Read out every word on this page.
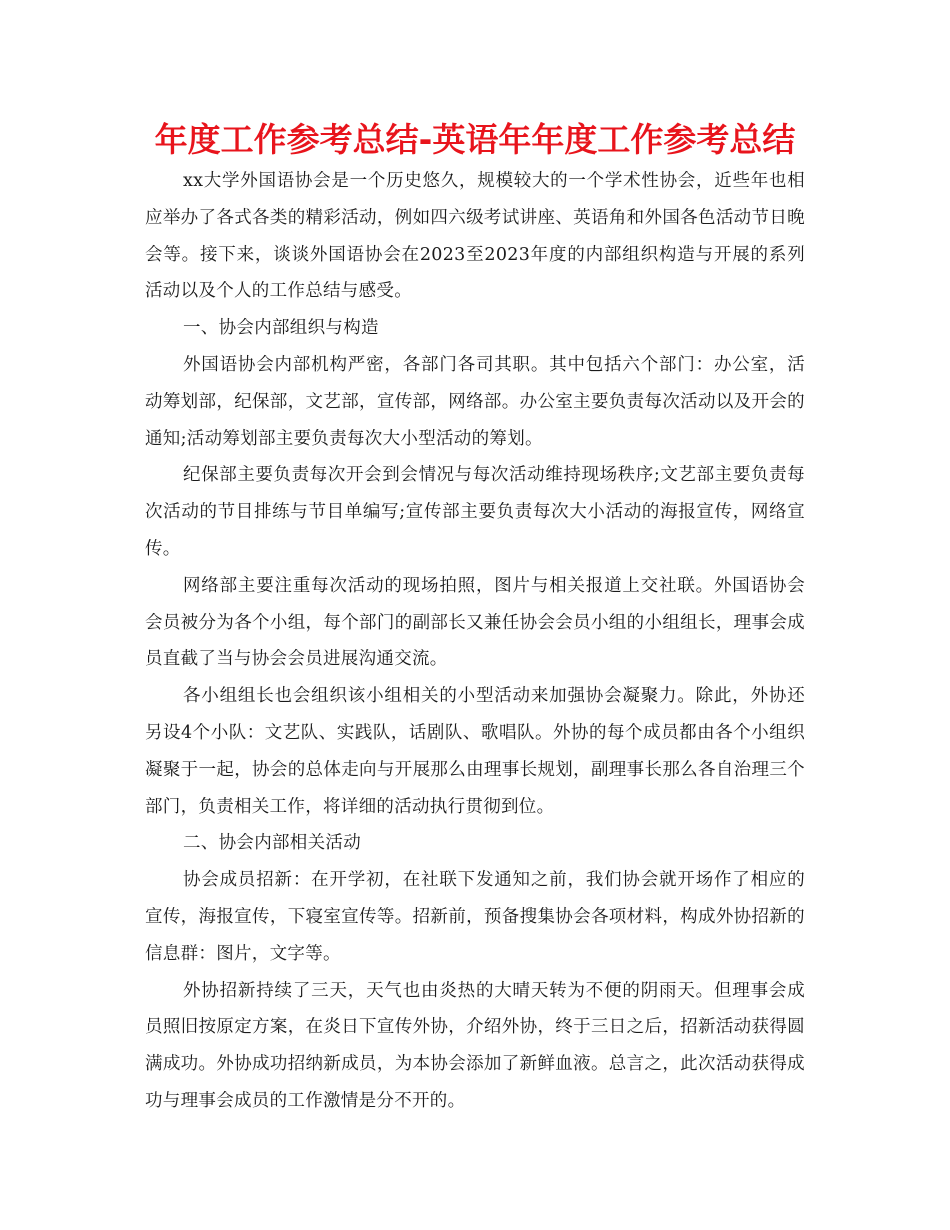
年度工作参考总结-英语年年度工作参考总结

xx大学外国语协会是一个历史悠久，规模较大的一个学术性协会，近些年也相应举办了各式各类的精彩活动，例如四六级考试讲座、英语角和外国各色活动节日晚会等。接下来，谈谈外国语协会在2023至2023年度的内部组织构造与开展的系列活动以及个人的工作总结与感受。

一、协会内部组织与构造

外国语协会内部机构严密，各部门各司其职。其中包括六个部门：办公室，活动筹划部，纪保部，文艺部，宣传部，网络部。办公室主要负责每次活动以及开会的通知;活动筹划部主要负责每次大小型活动的筹划。

纪保部主要负责每次开会到会情况与每次活动维持现场秩序;文艺部主要负责每次活动的节目排练与节目单编写;宣传部主要负责每次大小活动的海报宣传，网络宣传。

网络部主要注重每次活动的现场拍照，图片与相关报道上交社联。外国语协会会员被分为各个小组，每个部门的副部长又兼任协会会员小组的小组组长，理事会成员直截了当与协会会员进展沟通交流。

各小组组长也会组织该小组相关的小型活动来加强协会凝聚力。除此，外协还另设4个小队：文艺队、实践队，话剧队、歌唱队。外协的每个成员都由各个小组织凝聚于一起，协会的总体走向与开展那么由理事长规划，副理事长那么各自治理三个部门，负责相关工作，将详细的活动执行贯彻到位。

二、协会内部相关活动

协会成员招新：在开学初，在社联下发通知之前，我们协会就开场作了相应的宣传，海报宣传，下寝室宣传等。招新前，预备搜集协会各项材料，构成外协招新的信息群：图片，文字等。

外协招新持续了三天，天气也由炎热的大晴天转为不便的阴雨天。但理事会成员照旧按原定方案，在炎日下宣传外协，介绍外协，终于三日之后，招新活动获得圆满成功。外协成功招纳新成员，为本协会添加了新鲜血液。总言之，此次活动获得成功与理事会成员的工作激情是分不开的。
